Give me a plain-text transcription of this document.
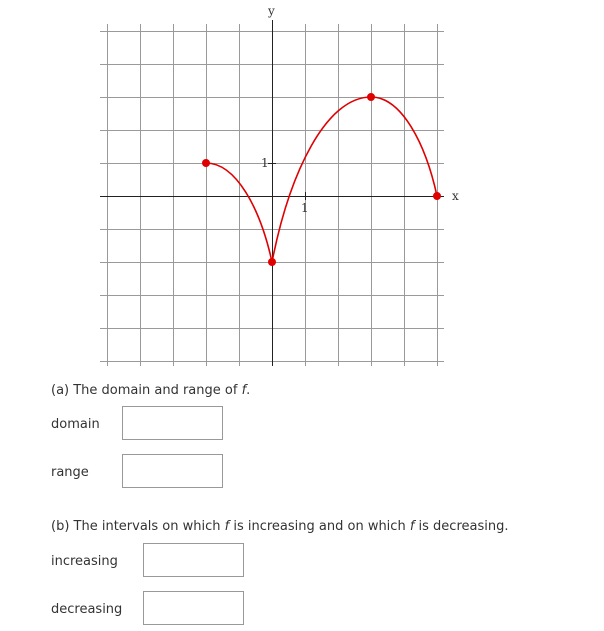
y
x
1
1
(a) The domain and range of f.
domain
range
(b) The intervals on which f is increasing and on which f is decreasing.
increasing
decreasing
